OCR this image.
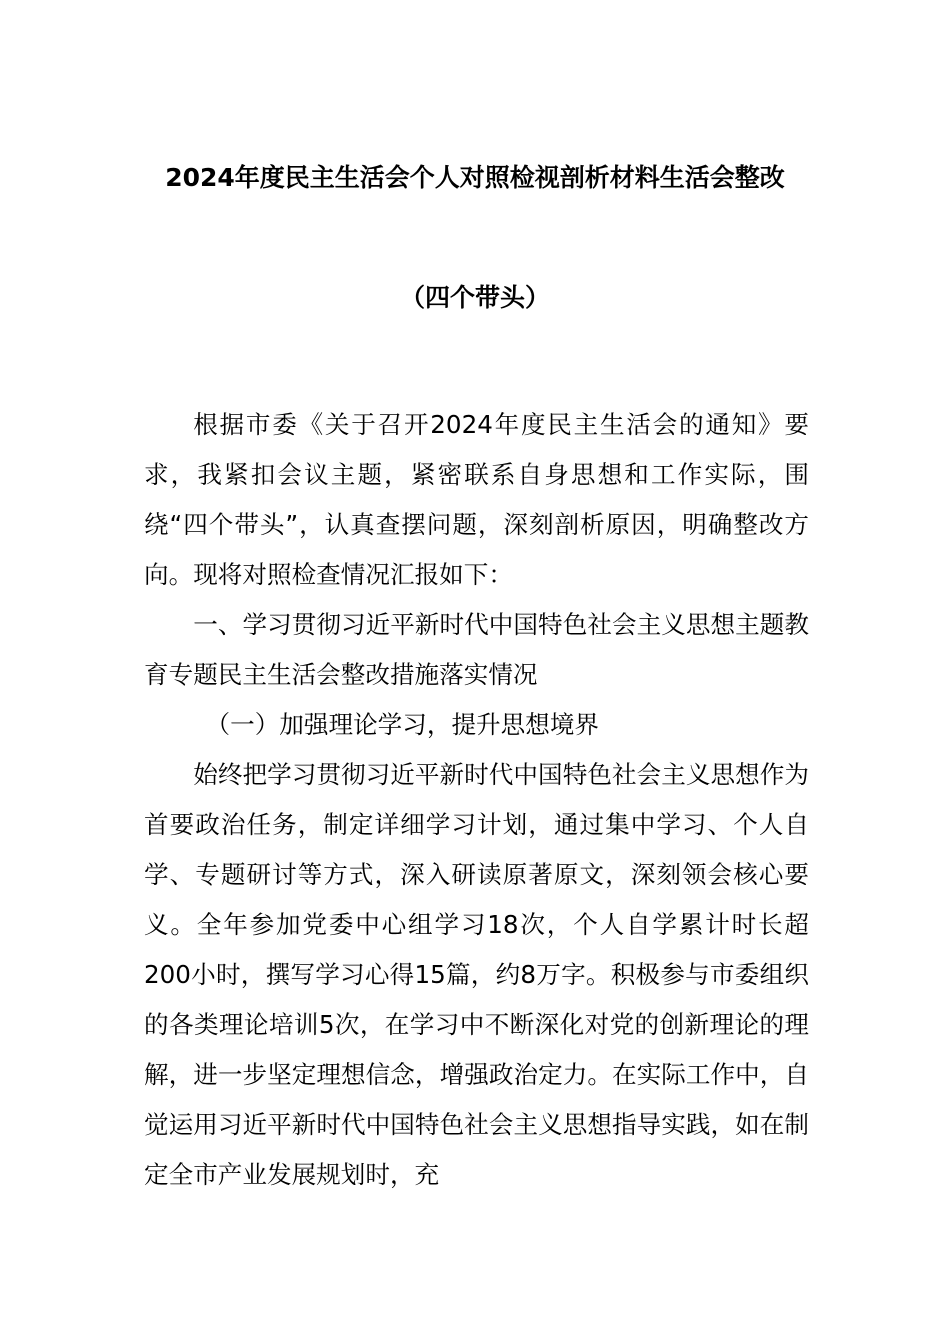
2024年度民主生活会个人对照检视剖析材料生活会整改
（四个带头）

根据市委《关于召开2024年度民主生活会的通知》要求，我紧扣会议主题，紧密联系自身思想和工作实际，围绕“四个带头”，认真查摆问题，深刻剖析原因，明确整改方向。现将对照检查情况汇报如下：

一、学习贯彻习近平新时代中国特色社会主义思想主题教育专题民主生活会整改措施落实情况

（一）加强理论学习，提升思想境界

始终把学习贯彻习近平新时代中国特色社会主义思想作为首要政治任务，制定详细学习计划，通过集中学习、个人自学、专题研讨等方式，深入研读原著原文，深刻领会核心要义。全年参加党委中心组学习18次，个人自学累计时长超200小时，撰写学习心得15篇，约8万字。积极参与市委组织的各类理论培训5次，在学习中不断深化对党的创新理论的理解，进一步坚定理想信念，增强政治定力。在实际工作中，自觉运用习近平新时代中国特色社会主义思想指导实践，如在制定全市产业发展规划时，充
